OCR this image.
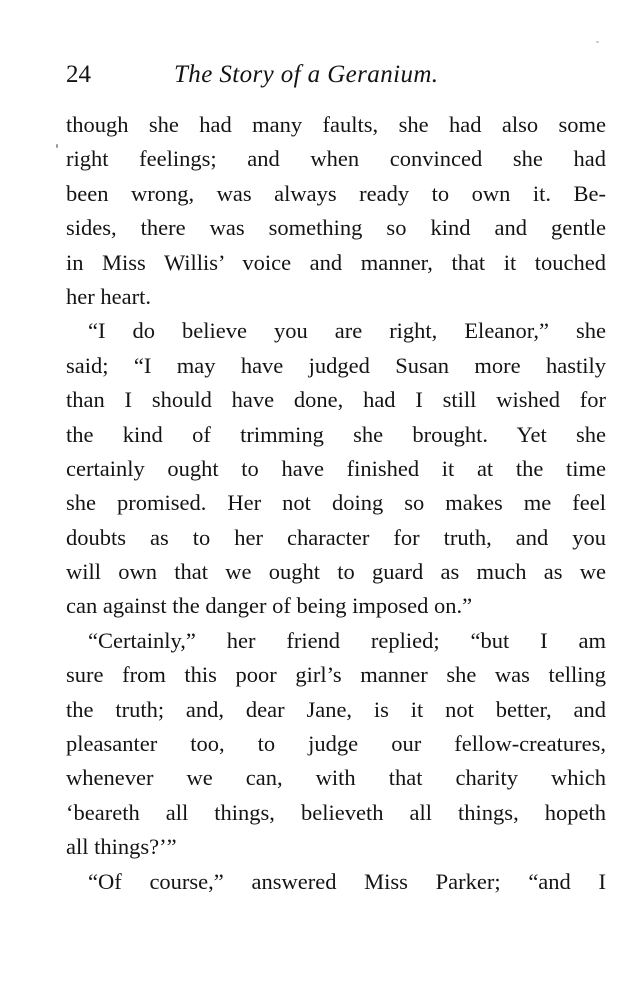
24	The Story of a Geranium.
though she had many faults, she had also some
right feelings; and when convinced she had
been wrong, was always ready to own it. Be-
sides, there was something so kind and gentle
in Miss Willis’ voice and manner, that it touched
her heart.
“I do believe you are right, Eleanor,” she
said; “I may have judged Susan more hastily
than I should have done, had I still wished for
the kind of trimming she brought. Yet she
certainly ought to have finished it at the time
she promised. Her not doing so makes me feel
doubts as to her character for truth, and you
will own that we ought to guard as much as we
can against the danger of being imposed on.”
“Certainly,” her friend replied; “but I am
sure from this poor girl’s manner she was telling
the truth; and, dear Jane, is it not better, and
pleasanter too, to judge our fellow-creatures,
whenever we can, with that charity which
‘beareth all things, believeth all things, hopeth
all things?’”
“Of course,” answered Miss Parker; “and I
